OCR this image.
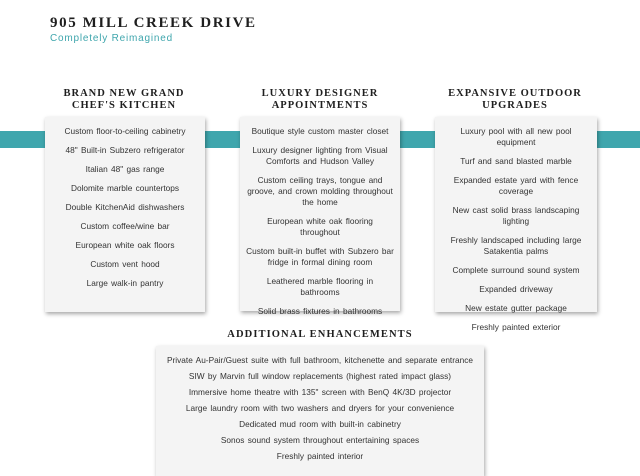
905 MILL CREEK DRIVE
Completely Reimagined
BRAND NEW GRAND
CHEF'S KITCHEN
Custom floor-to-ceiling cabinetry
48" Built-in Subzero refrigerator
Italian 48" gas range
Dolomite marble countertops
Double KitchenAid dishwashers
Custom coffee/wine bar
European white oak floors
Custom vent hood
Large walk-in pantry
LUXURY DESIGNER
APPOINTMENTS
Boutique style custom master closet
Luxury designer lighting from Visual Comforts and Hudson Valley
Custom ceiling trays, tongue and groove, and crown molding throughout the home
European white oak flooring throughout
Custom built-in buffet with Subzero bar fridge in formal dining room
Leathered marble flooring in bathrooms
Solid brass fixtures in bathrooms
EXPANSIVE OUTDOOR
UPGRADES
Luxury pool with all new pool equipment
Turf and sand blasted marble
Expanded estate yard with fence coverage
New cast solid brass landscaping lighting
Freshly landscaped including large Satakentia palms
Complete surround sound system
Expanded driveway
New estate gutter package
Freshly painted exterior
ADDITIONAL ENHANCEMENTS
Private Au-Pair/Guest suite with full bathroom, kitchenette and separate entrance
SIW by Marvin full window replacements (highest rated impact glass)
Immersive home theatre with 135" screen with BenQ 4K/3D projector
Large laundry room with two washers and dryers for your convenience
Dedicated mud room with built-in cabinetry
Sonos sound system throughout entertaining spaces
Freshly painted interior
